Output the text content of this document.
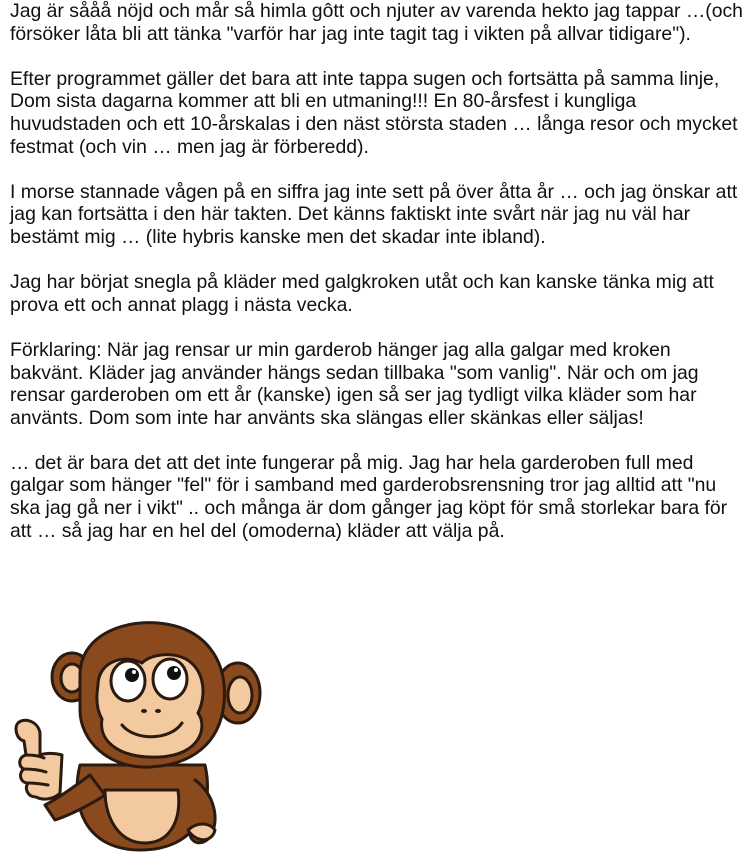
Jag är sååå nöjd och mår så himla gôtt och njuter av varenda hekto jag tappar …(och försöker låta bli att tänka "varför har jag inte tagit tag i vikten på allvar tidigare").

Efter programmet gäller det bara att inte tappa sugen och fortsätta på samma linje, Dom sista dagarna kommer att bli en utmaning!!! En 80-årsfest i kungliga huvudstaden och ett 10-årskalas i den näst största staden … långa resor och mycket festmat (och vin … men jag är förberedd).

I morse stannade vågen på en siffra jag inte sett på över åtta år … och jag önskar att jag kan fortsätta i den här takten. Det känns faktiskt inte svårt när jag nu väl har bestämt mig … (lite hybris kanske men det skadar inte ibland).

Jag har börjat snegla på kläder med galgkroken utåt och kan kanske tänka mig att prova ett och annat plagg i nästa vecka.

Förklaring: När jag rensar ur min garderob hänger jag alla galgar med kroken bakvänt. Kläder jag använder hängs sedan tillbaka "som vanlig". När och om jag rensar garderoben om ett år (kanske) igen så ser jag tydligt vilka kläder som har använts. Dom som inte har använts ska slängas eller skänkas eller säljas!

… det är bara det att det inte fungerar på mig. Jag har hela garderoben full med galgar som hänger "fel" för i samband med garderobsrensning tror jag alltid att "nu ska jag gå ner i vikt" .. och många är dom gånger jag köpt för små storlekar bara för att … så jag har en hel del (omoderna) kläder att välja på.
